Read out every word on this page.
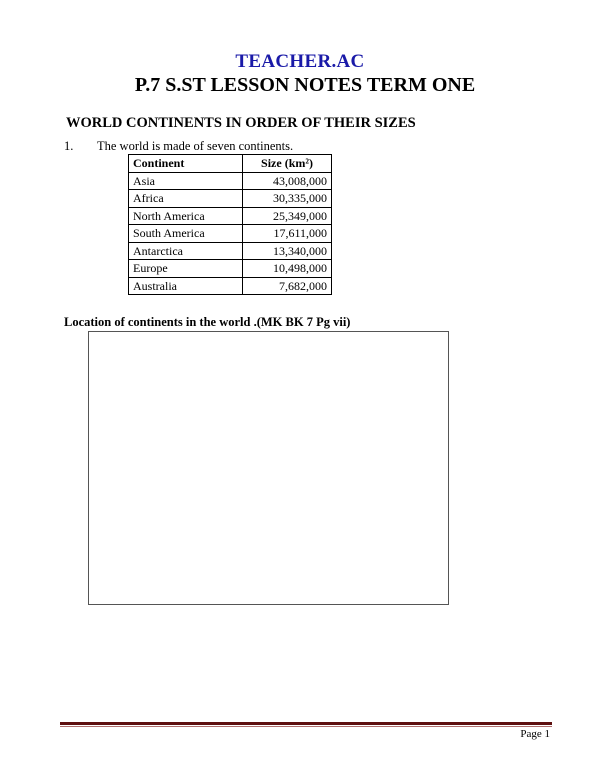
TEACHER.AC
P.7 S.ST LESSON NOTES TERM ONE
WORLD CONTINENTS IN ORDER OF THEIR SIZES
1. The world is made of seven continents.
Continent	Size (km²)
Asia	43,008,000
Africa	30,335,000
North America	25,349,000
South America	17,611,000
Antarctica	13,340,000
Europe	10,498,000
Australia	7,682,000
Location of continents in the world .(MK BK 7 Pg vii)
Page 1
